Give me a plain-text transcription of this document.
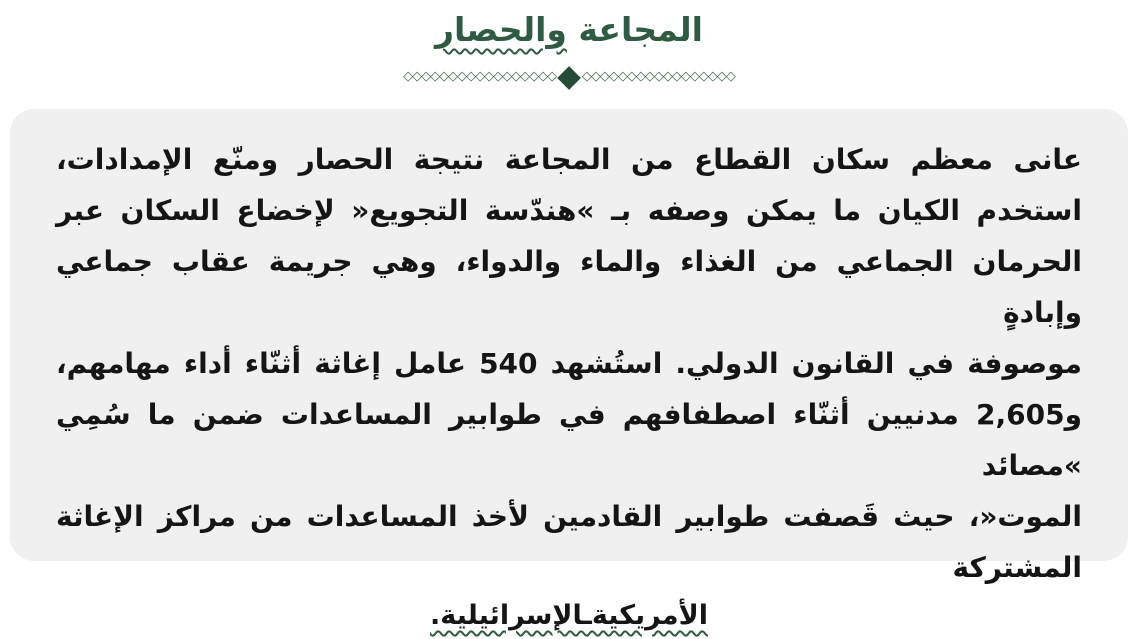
المجاعة والحصار
◇◇◇◇◇◇◇◇◇◇◇◇◇◇◇◇◇ ◆ ◇◇◇◇◇◇◇◇◇◇◇◇◇◇◇◇◇

عانى معظم سكان القطاع من المجاعة نتيجة الحصار ومنّع الإمدادات،
استخدم الكيان ما يمكن وصفه بـ »هندّسة التجويع« لإخضاع السكان عبر
الحرمان الجماعي من الغذاء والماء والدواء، وهي جريمة عقاب جماعي وإبادةٍ
موصوفة في القانون الدولي. استُشهد 540 عامل إغاثة أثنّاء أداء مهامهم،
و2,605 مدنيين أثنّاء اصطفافهم في طوابير المساعدات ضمن ما سُمِي »مصائد
الموت«، حيث قَصفت طوابير القادمين لأخذ المساعدات من مراكز الإغاثة
المشتركة

الأمريكيةـالإسرائيلية.
